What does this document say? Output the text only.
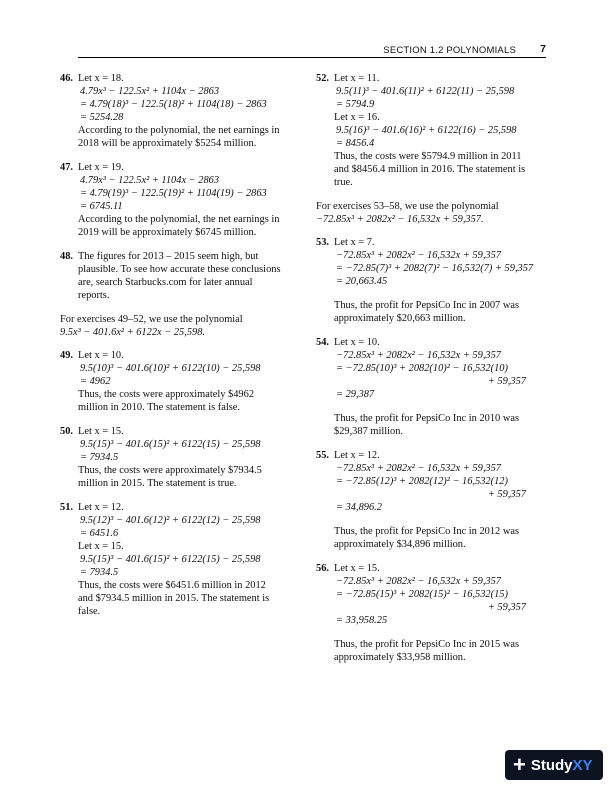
SECTION 1.2 POLYNOMIALS 7
46. Let x = 18.
4.79x³ − 122.5x² + 1104x − 2863
= 4.79(18)³ − 122.5(18)² + 1104(18) − 2863
= 5254.28
According to the polynomial, the net earnings in
2018 will be approximately $5254 million.
47. Let x = 19.
4.79x³ − 122.5x² + 1104x − 2863
= 4.79(19)³ − 122.5(19)² + 1104(19) − 2863
= 6745.11
According to the polynomial, the net earnings in
2019 will be approximately $6745 million.
48. The figures for 2013 – 2015 seem high, but
plausible. To see how accurate these conclusions
are, search Starbucks.com for later annual
reports.
For exercises 49–52, we use the polynomial
9.5x³ − 401.6x² + 6122x − 25,598.
49. Let x = 10.
9.5(10)³ − 401.6(10)² + 6122(10) − 25,598
= 4962
Thus, the costs were approximately $4962
million in 2010. The statement is false.
50. Let x = 15.
9.5(15)³ − 401.6(15)² + 6122(15) − 25,598
= 7934.5
Thus, the costs were approximately $7934.5
million in 2015. The statement is true.
51. Let x = 12.
9.5(12)³ − 401.6(12)² + 6122(12) − 25,598
= 6451.6
Let x = 15.
9.5(15)³ − 401.6(15)² + 6122(15) − 25,598
= 7934.5
Thus, the costs were $6451.6 million in 2012
and $7934.5 million in 2015. The statement is
false.
52. Let x = 11.
9.5(11)³ − 401.6(11)² + 6122(11) − 25,598
= 5794.9
Let x = 16.
9.5(16)³ − 401.6(16)² + 6122(16) − 25,598
= 8456.4
Thus, the costs were $5794.9 million in 2011
and $8456.4 million in 2016. The statement is
true.
For exercises 53–58, we use the polynomial
−72.85x³ + 2082x² − 16,532x + 59,357.
53. Let x = 7.
−72.85x³ + 2082x² − 16,532x + 59,357
= −72.85(7)³ + 2082(7)² − 16,532(7) + 59,357
= 20,663.45
Thus, the profit for PepsiCo Inc in 2007 was
approximately $20,663 million.
54. Let x = 10.
−72.85x³ + 2082x² − 16,532x + 59,357
= −72.85(10)³ + 2082(10)² − 16,532(10)
+ 59,357
= 29,387
Thus, the profit for PepsiCo Inc in 2010 was
$29,387 million.
55. Let x = 12.
−72.85x³ + 2082x² − 16,532x + 59,357
= −72.85(12)³ + 2082(12)² − 16,532(12)
+ 59,357
= 34,896.2
Thus, the profit for PepsiCo Inc in 2012 was
approximately $34,896 million.
56. Let x = 15.
−72.85x³ + 2082x² − 16,532x + 59,357
= −72.85(15)³ + 2082(15)² − 16,532(15)
+ 59,357
= 33,958.25
Thus, the profit for PepsiCo Inc in 2015 was
approximately $33,958 million.
+ StudyXY
